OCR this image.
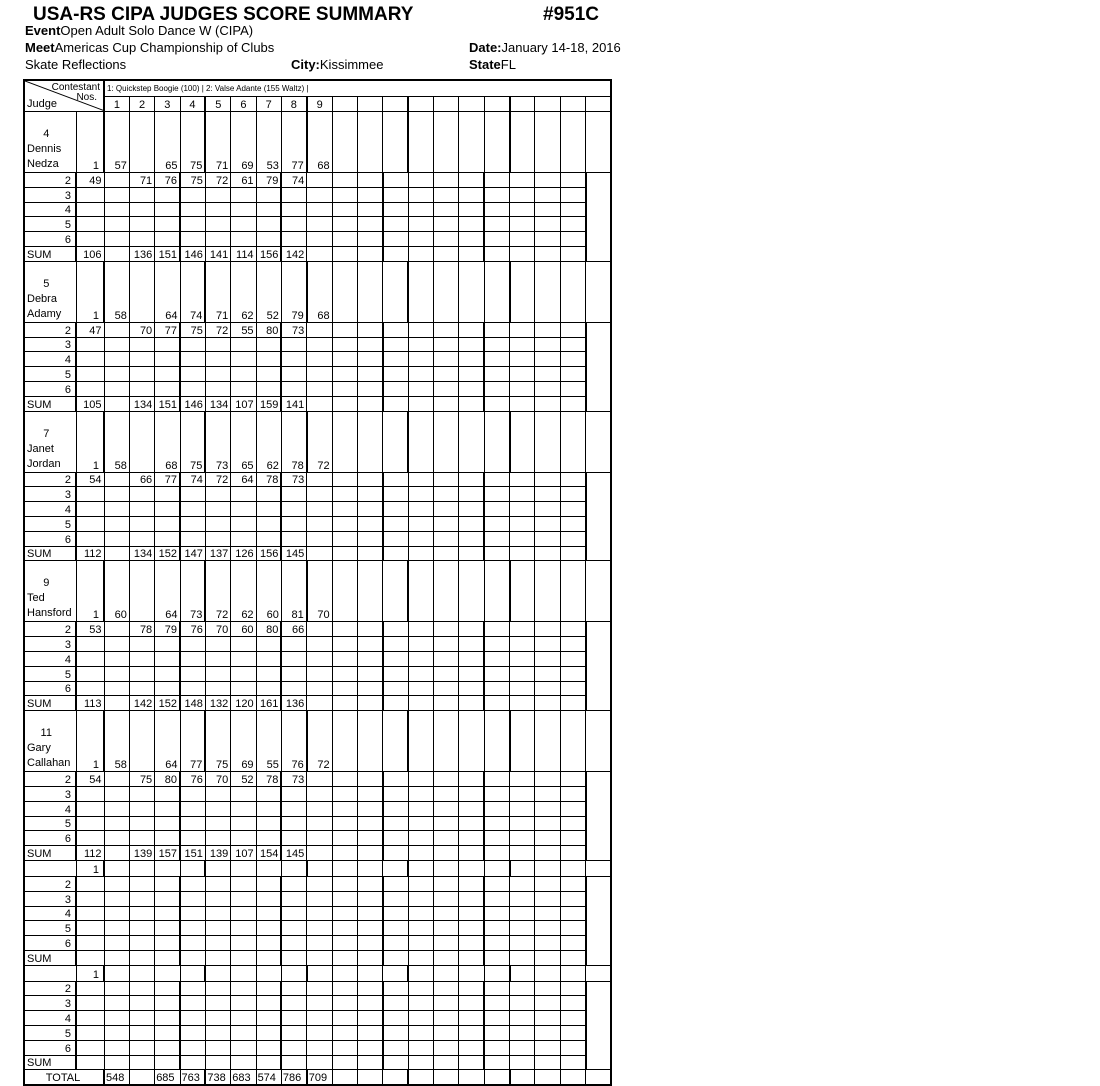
USA-RS CIPA JUDGES SCORE SUMMARY	#951C
EventOpen Adult Solo Dance W (CIPA)
MeetAmericas Cup Championship of Clubs	Date:January 14-18, 2016
Skate Reflections	City:Kissimmee	StateFL
Contestant
Nos.
Judge		1: Quickstep Boogie (100) | 2: Valse Adante (155 Waltz) |																			
		1	2	3	4	5	6	7	8	9											

4
Dennis
Nedza	1	57		65	75	71	69	53	77	68											
2	49		71	76	75	72	61	79	74												
3																					
4																					
5																					
6																					
SUM	106		136	151	146	141	114	156	142												

5
Debra
Adamy	1	58		64	74	71	62	52	79	68											
2	47		70	77	75	72	55	80	73												
3																					
4																					
5																					
6																					
SUM	105		134	151	146	134	107	159	141												

7
Janet
Jordan	1	58		68	75	73	65	62	78	72											
2	54		66	77	74	72	64	78	73												
3																					
4																					
5																					
6																					
SUM	112		134	152	147	137	126	156	145												

9
Ted
Hansford	1	60		64	73	72	62	60	81	70											
2	53		78	79	76	70	60	80	66												
3																					
4																					
5																					
6																					
SUM	113		142	152	148	132	120	161	136												

11
Gary
Callahan	1	58		64	77	75	69	55	76	72											
2	54		75	80	76	70	52	78	73												
3																					
4																					
5																					
6																					
SUM	112		139	157	151	139	107	154	145												

	1																				
2																					
3																					
4																					
5																					
6																					
SUM																					

	1																				
2																					
3																					
4																					
5																					
6																					
SUM																					
TOTAL		548		685	763	738	683	574	786	709											
